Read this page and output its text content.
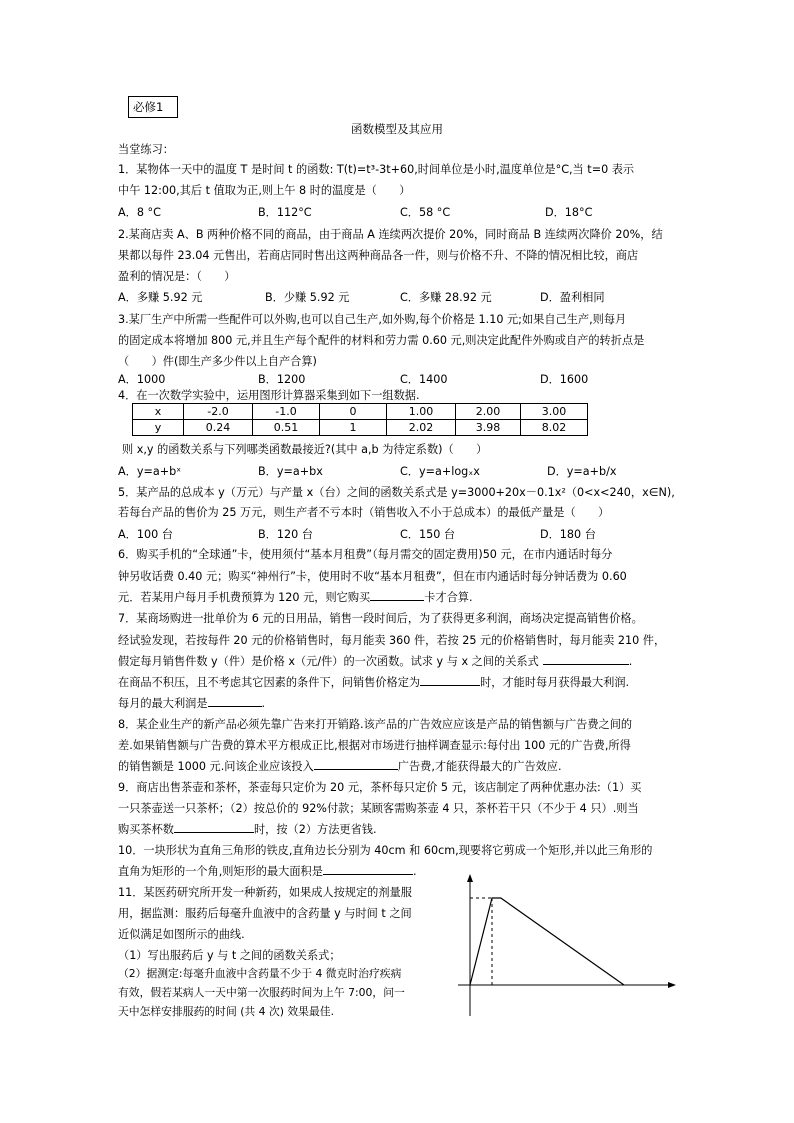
必修1
函数模型及其应用
当堂练习：
1．某物体一天中的温度 T 是时间 t 的函数: T(t)=t³-3t+60,时间单位是小时,温度单位是°C,当 t=0 表示
中午 12:00,其后 t 值取为正,则上午 8 时的温度是（　　）
A．8 °C	B．112°C	C．58 °C	D．18°C
2.某商店卖 A、B 两种价格不同的商品，由于商品 A 连续两次提价 20%，同时商品 B 连续两次降价 20%，结
果都以每件 23.04 元售出，若商店同时售出这两种商品各一件，则与价格不升、不降的情况相比较，商店
盈利的情况是：（　　）
A．多赚 5.92 元	B．少赚 5.92 元	C．多赚 28.92 元	D．盈利相同
3.某厂生产中所需一些配件可以外购,也可以自己生产,如外购,每个价格是 1.10 元;如果自己生产,则每月
的固定成本将增加 800 元,并且生产每个配件的材料和劳力需 0.60 元,则决定此配件外购或自产的转折点是
（　　）件(即生产多少件以上自产合算)
A．1000	B．1200	C．1400	D．1600
4．在一次数学实验中，运用图形计算器采集到如下一组数据.
x	-2.0	-1.0	0	1.00	2.00	3.00
y	0.24	0.51	1	2.02	3.98	8.02
则 x,y 的函数关系与下列哪类函数最接近?(其中 a,b 为待定系数)（　　）
A．y=a+bˣ	B．y=a+bx	C．y=a+logₓx	D．y=a+b/x
5．某产品的总成本 y（万元）与产量 x（台）之间的函数关系式是 y=3000+20x－0.1x²（0<x<240，x∈N),
若每台产品的售价为 25 万元，则生产者不亏本时（销售收入不小于总成本）的最低产量是（　　）
A．100 台	B．120 台	C．150 台	D．180 台
6．购买手机的“全球通”卡，使用须付“基本月租费”（每月需交的固定费用)50 元，在市内通话时每分
钟另收话费 0.40 元；购买“神州行”卡，使用时不收“基本月租费”，但在市内通话时每分钟话费为 0.60
元．若某用户每月手机费预算为 120 元，则它购买	卡才合算.
7．某商场购进一批单价为 6 元的日用品，销售一段时间后，为了获得更多利润，商场决定提高销售价格。
经试验发现，若按每件 20 元的价格销售时，每月能卖 360 件，若按 25 元的价格销售时，每月能卖 210 件，
假定每月销售件数 y（件）是价格 x（元/件）的一次函数。试求 y 与 x 之间的关系式	.
在商品不积压，且不考虑其它因素的条件下，问销售价格定为	时，才能时每月获得最大利润.
每月的最大利润是	.
8．某企业生产的新产品必须先靠广告来打开销路.该产品的广告效应应该是产品的销售额与广告费之间的
差.如果销售额与广告费的算术平方根成正比,根据对市场进行抽样调查显示:每付出 100 元的广告费,所得
的销售额是 1000 元.问该企业应该投入	广告费,才能获得最大的广告效应.
9．商店出售茶壶和茶杯，茶壶每只定价为 20 元，茶杯每只定价 5 元，该店制定了两种优惠办法:（1）买
一只茶壶送一只茶杯；（2）按总价的 92%付款；某顾客需购茶壶 4 只，茶杯若干只（不少于 4 只）.则当
购买茶杯数	时，按（2）方法更省钱.
10．一块形状为直角三角形的铁皮,直角边长分别为 40cm 和 60cm,现要将它剪成一个矩形,并以此三角形的
直角为矩形的一个角,则矩形的最大面积是	.
11．某医药研究所开发一种新药，如果成人按规定的剂量服
用，据监测：服药后每毫升血液中的含药量 y 与时间 t 之间
近似满足如图所示的曲线.
（1）写出服药后 y 与 t 之间的函数关系式；
（2）据测定:每毫升血液中含药量不少于 4 微克时治疗疾病
有效，假若某病人一天中第一次服药时间为上午 7:00，问一
天中怎样安排服药的时间 (共 4 次) 效果最佳.
